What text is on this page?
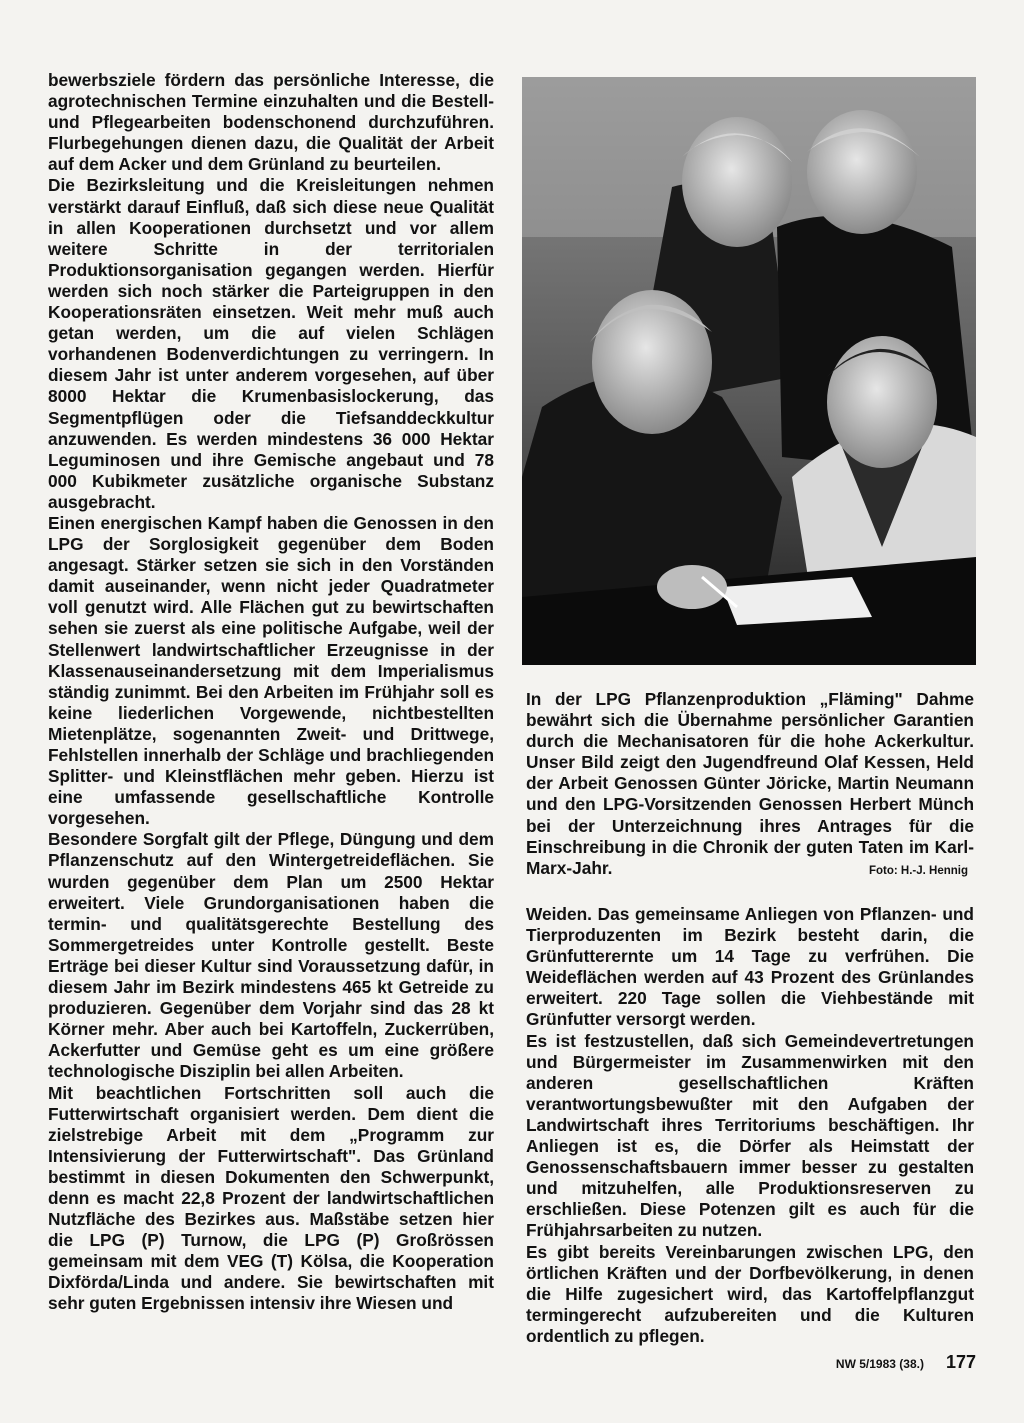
bewerbsziele fördern das persönliche Interesse, die agrotechnischen Termine einzuhalten und die Bestell- und Pflegearbeiten bodenschonend durchzuführen. Flurbegehungen dienen dazu, die Qualität der Arbeit auf dem Acker und dem Grünland zu beurteilen.

Die Bezirksleitung und die Kreisleitungen nehmen verstärkt darauf Einfluß, daß sich diese neue Qualität in allen Kooperationen durchsetzt und vor allem weitere Schritte in der territorialen Produktionsorganisation gegangen werden. Hierfür werden sich noch stärker die Parteigruppen in den Kooperationsräten einsetzen. Weit mehr muß auch getan werden, um die auf vielen Schlägen vorhandenen Bodenverdichtungen zu verringern. In diesem Jahr ist unter anderem vorgesehen, auf über 8000 Hektar die Krumenbasislockerung, das Segmentpflügen oder die Tiefsanddeckkultur anzuwenden. Es werden mindestens 36 000 Hektar Leguminosen und ihre Gemische angebaut und 78 000 Kubikmeter zusätzliche organische Substanz ausgebracht.

Einen energischen Kampf haben die Genossen in den LPG der Sorglosigkeit gegenüber dem Boden angesagt. Stärker setzen sie sich in den Vorständen damit auseinander, wenn nicht jeder Quadratmeter voll genutzt wird. Alle Flächen gut zu bewirtschaften sehen sie zuerst als eine politische Aufgabe, weil der Stellenwert landwirtschaftlicher Erzeugnisse in der Klassenauseinandersetzung mit dem Imperialismus ständig zunimmt. Bei den Arbeiten im Frühjahr soll es keine liederlichen Vorgewende, nichtbestellten Mietenplätze, sogenannten Zweit- und Drittwege, Fehlstellen innerhalb der Schläge und brachliegenden Splitter- und Kleinstflächen mehr geben. Hierzu ist eine umfassende gesellschaftliche Kontrolle vorgesehen.

Besondere Sorgfalt gilt der Pflege, Düngung und dem Pflanzenschutz auf den Wintergetreideflächen. Sie wurden gegenüber dem Plan um 2500 Hektar erweitert. Viele Grundorganisationen haben die termin- und qualitätsgerechte Bestellung des Sommergetreides unter Kontrolle gestellt. Beste Erträge bei dieser Kultur sind Voraussetzung dafür, in diesem Jahr im Bezirk mindestens 465 kt Getreide zu produzieren. Gegenüber dem Vorjahr sind das 28 kt Körner mehr. Aber auch bei Kartoffeln, Zuckerrüben, Ackerfutter und Gemüse geht es um eine größere technologische Disziplin bei allen Arbeiten.

Mit beachtlichen Fortschritten soll auch die Futterwirtschaft organisiert werden. Dem dient die zielstrebige Arbeit mit dem „Programm zur Intensivierung der Futterwirtschaft". Das Grünland bestimmt in diesen Dokumenten den Schwerpunkt, denn es macht 22,8 Prozent der landwirtschaftlichen Nutzfläche des Bezirkes aus. Maßstäbe setzen hier die LPG (P) Turnow, die LPG (P) Großrössen gemeinsam mit dem VEG (T) Kölsa, die Kooperation Dixförda/Linda und andere. Sie bewirtschaften mit sehr guten Ergebnissen intensiv ihre Wiesen und

In der LPG Pflanzenproduktion „Fläming" Dahme bewährt sich die Übernahme persönlicher Garantien durch die Mechanisatoren für die hohe Ackerkultur. Unser Bild zeigt den Jugendfreund Olaf Kessen, Held der Arbeit Genossen Günter Jöricke, Martin Neumann und den LPG-Vorsitzenden Genossen Herbert Münch bei der Unterzeichnung ihres Antrages für die Einschreibung in die Chronik der guten Taten im Karl-Marx-Jahr.	Foto: H.-J. Hennig

Weiden. Das gemeinsame Anliegen von Pflanzen- und Tierproduzenten im Bezirk besteht darin, die Grünfutterernte um 14 Tage zu verfrühen. Die Weideflächen werden auf 43 Prozent des Grünlandes erweitert. 220 Tage sollen die Viehbestände mit Grünfutter versorgt werden.

Es ist festzustellen, daß sich Gemeindevertretungen und Bürgermeister im Zusammenwirken mit den anderen gesellschaftlichen Kräften verantwortungsbewußter mit den Aufgaben der Landwirtschaft ihres Territoriums beschäftigen. Ihr Anliegen ist es, die Dörfer als Heimstatt der Genossenschaftsbauern immer besser zu gestalten und mitzuhelfen, alle Produktionsreserven zu erschließen. Diese Potenzen gilt es auch für die Frühjahrsarbeiten zu nutzen.

Es gibt bereits Vereinbarungen zwischen LPG, den örtlichen Kräften und der Dorfbevölkerung, in denen die Hilfe zugesichert wird, das Kartoffelpflanzgut termingerecht aufzubereiten und die Kulturen ordentlich zu pflegen.

NW 5/1983 (38.) 177
